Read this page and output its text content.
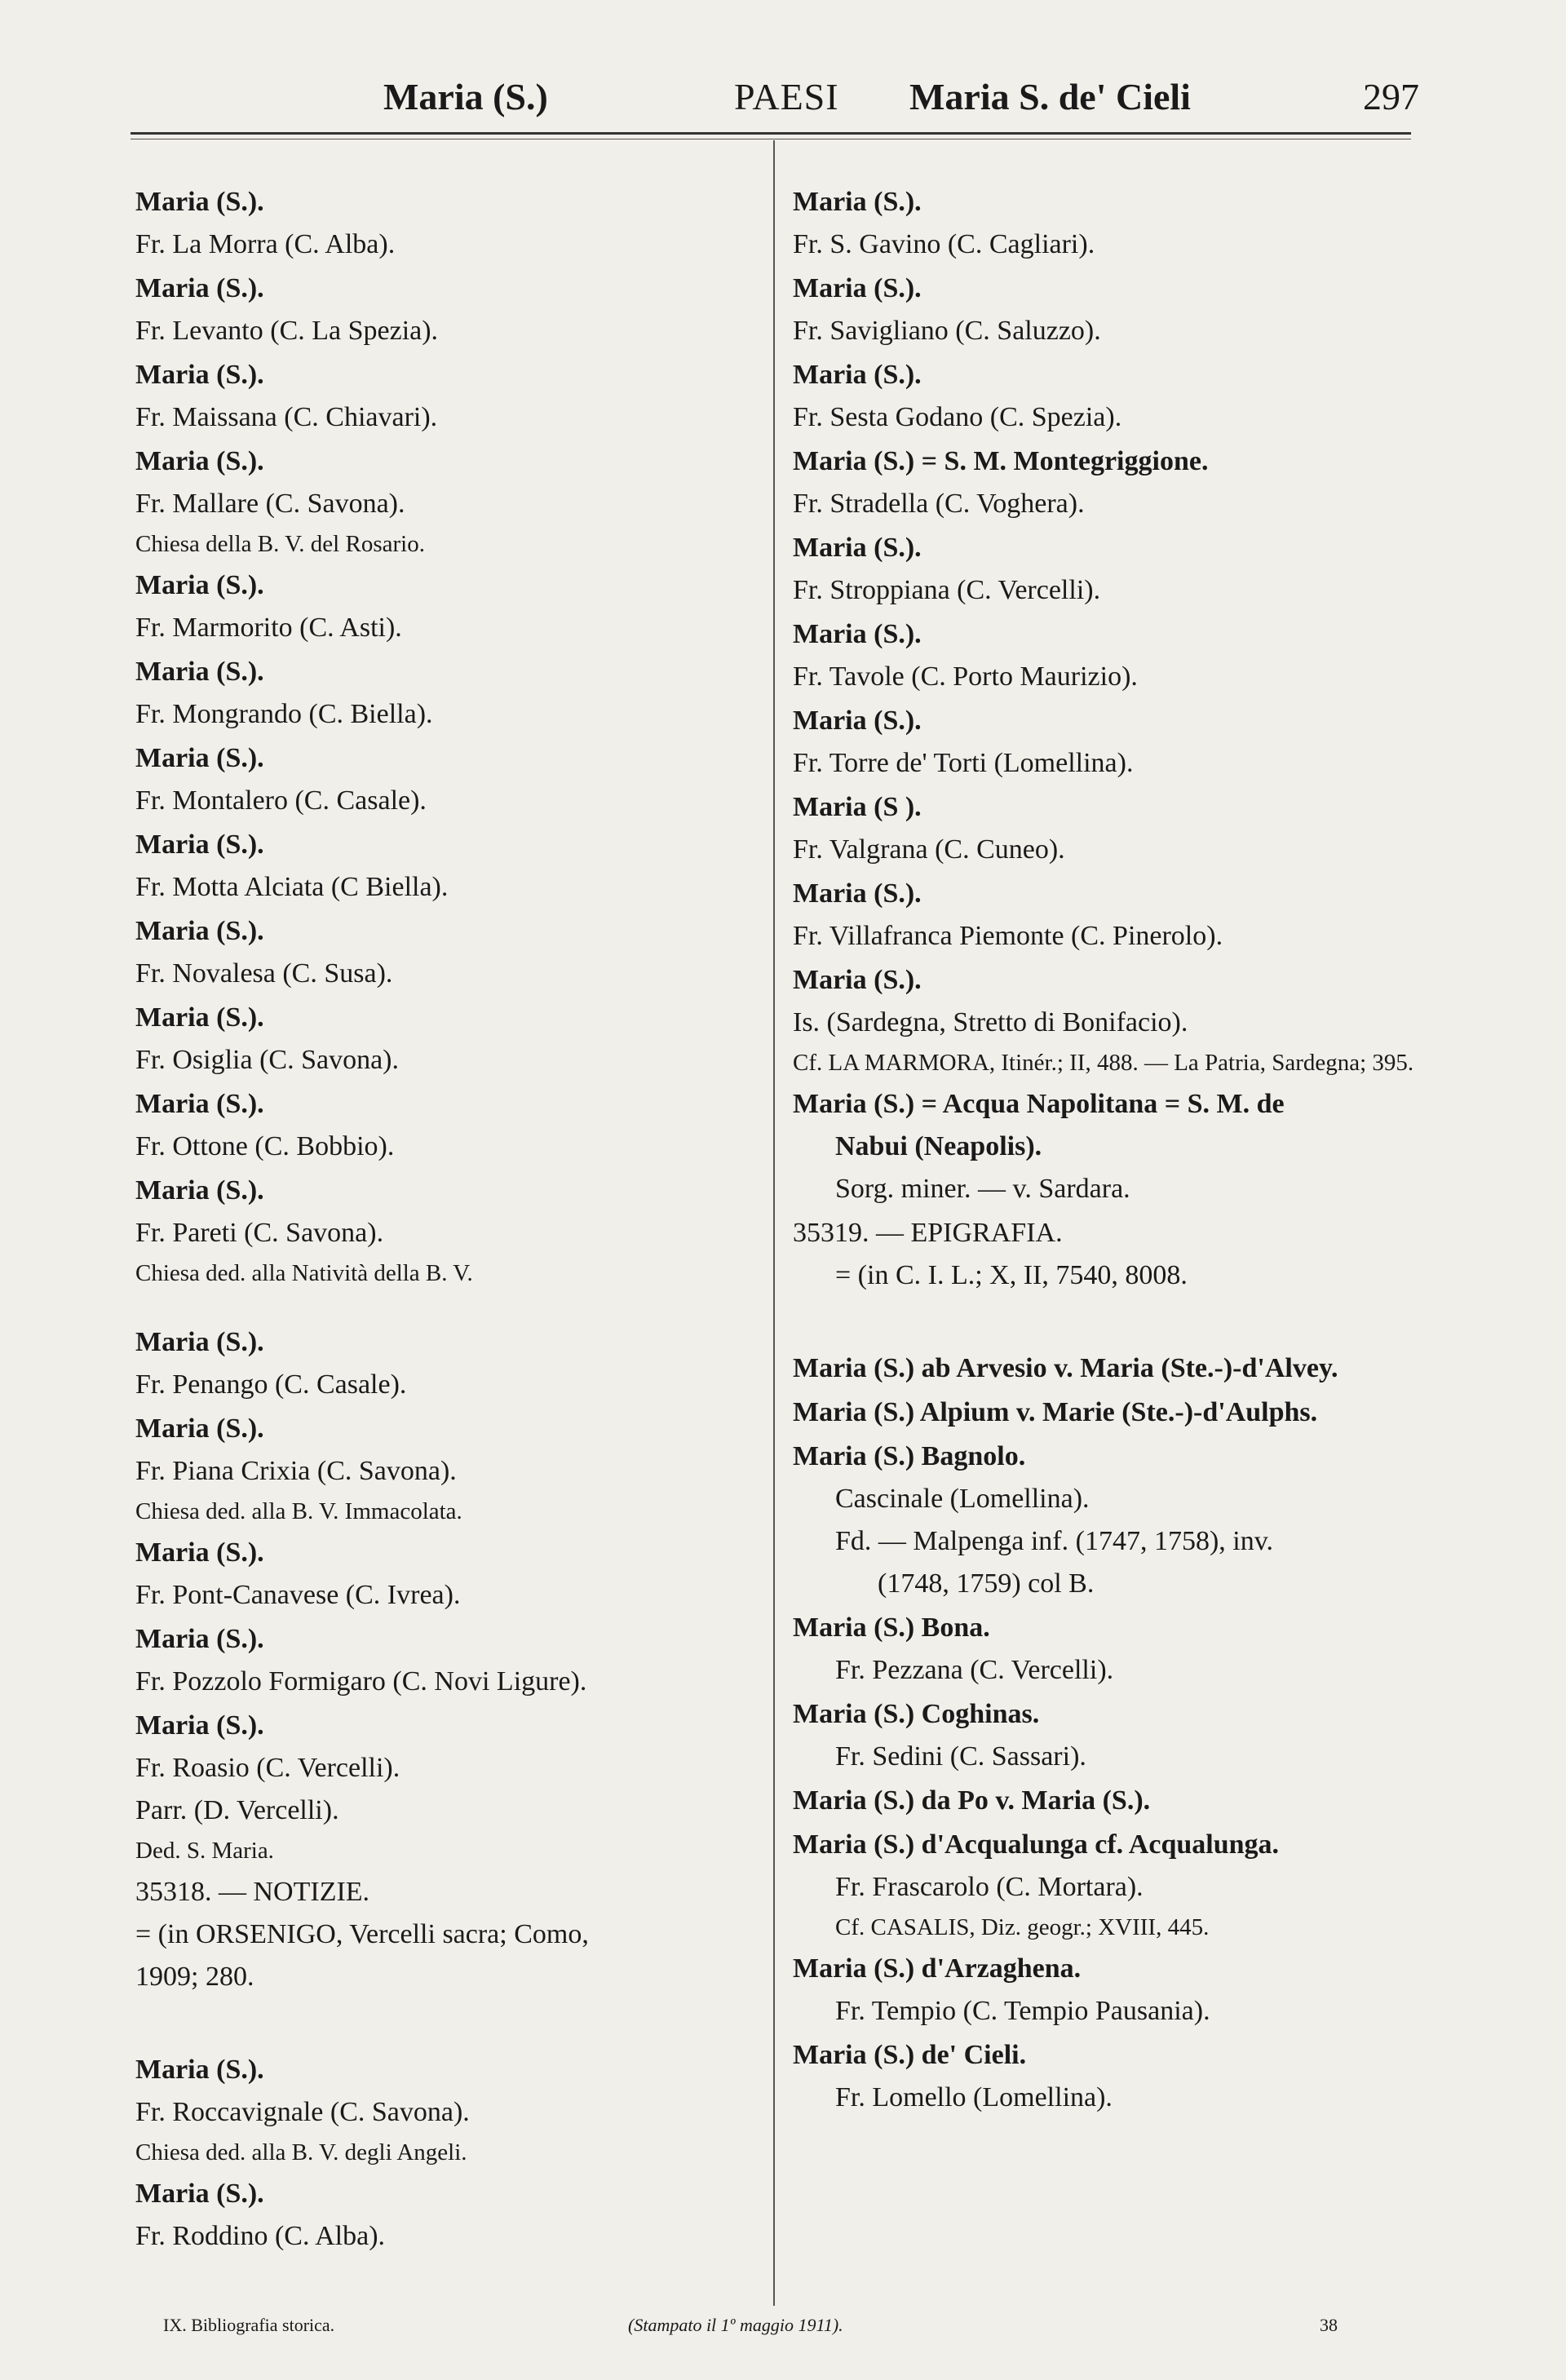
Maria (S.)	PAESI Maria S. de' Cieli	297
Maria (S.).
Fr. La Morra (C. Alba).
Maria (S.).
Fr. Levanto (C. La Spezia).
Maria (S.).
Fr. Maissana (C. Chiavari).
Maria (S.).
Fr. Mallare (C. Savona).
Chiesa della B. V. del Rosario.
Maria (S.).
Fr. Marmorito (C. Asti).
Maria (S.).
Fr. Mongrando (C. Biella).
Maria (S.).
Fr. Montalero (C. Casale).
Maria (S.).
Fr. Motta Alciata (C Biella).
Maria (S.).
Fr. Novalesa (C. Susa).
Maria (S.).
Fr. Osiglia (C. Savona).
Maria (S.).
Fr. Ottone (C. Bobbio).
Maria (S.).
Fr. Pareti (C. Savona).
Chiesa ded. alla Natività della B. V.
Maria (S.).
Fr. Penango (C. Casale).
Maria (S.).
Fr. Piana Crixia (C. Savona).
Chiesa ded. alla B. V. Immacolata.
Maria (S.).
Fr. Pont-Canavese (C. Ivrea).
Maria (S.).
Fr. Pozzolo Formigaro (C. Novi Ligure).
Maria (S.).
Fr. Roasio (C. Vercelli).
Parr. (D. Vercelli).
Ded. S. Maria.
35318. — NOTIZIE.
= (in ORSENIGO, Vercelli sacra; Como,
1909; 280.
Maria (S.).
Fr. Roccavignale (C. Savona).
Chiesa ded. alla B. V. degli Angeli.
Maria (S.).
Fr. Roddino (C. Alba).
Maria (S.).
Fr. S. Gavino (C. Cagliari).
Maria (S.).
Fr. Savigliano (C. Saluzzo).
Maria (S.).
Fr. Sesta Godano (C. Spezia).
Maria (S.) = S. M. Montegriggione.
Fr. Stradella (C. Voghera).
Maria (S.).
Fr. Stroppiana (C. Vercelli).
Maria (S.).
Fr. Tavole (C. Porto Maurizio).
Maria (S.).
Fr. Torre de' Torti (Lomellina).
Maria (S ).
Fr. Valgrana (C. Cuneo).
Maria (S.).
Fr. Villafranca Piemonte (C. Pinerolo).
Maria (S.).
Is. (Sardegna, Stretto di Bonifacio).
Cf. LA MARMORA, Itinér.; II, 488. — La Patria, Sardegna; 395.
Maria (S.) = Acqua Napolitana = S. M. de
Nabui (Neapolis).
Sorg. miner. — v. Sardara.
35319. — EPIGRAFIA.
= (in C. I. L.; X, II, 7540, 8008.
Maria (S.) ab Arvesio v. Maria (Ste.-)-d'Alvey.
Maria (S.) Alpium v. Marie (Ste.-)-d'Aulphs.
Maria (S.) Bagnolo.
Cascinale (Lomellina).
Fd. — Malpenga inf. (1747, 1758), inv.
(1748, 1759) col B.
Maria (S.) Bona.
Fr. Pezzana (C. Vercelli).
Maria (S.) Coghinas.
Fr. Sedini (C. Sassari).
Maria (S.) da Po v. Maria (S.).
Maria (S.) d'Acqualunga cf. Acqualunga.
Fr. Frascarolo (C. Mortara).
Cf. CASALIS, Diz. geogr.; XVIII, 445.
Maria (S.) d'Arzaghena.
Fr. Tempio (C. Tempio Pausania).
Maria (S.) de' Cieli.
Fr. Lomello (Lomellina).
IX. Bibliografia storica.	(Stampato il 1º maggio 1911).	38
